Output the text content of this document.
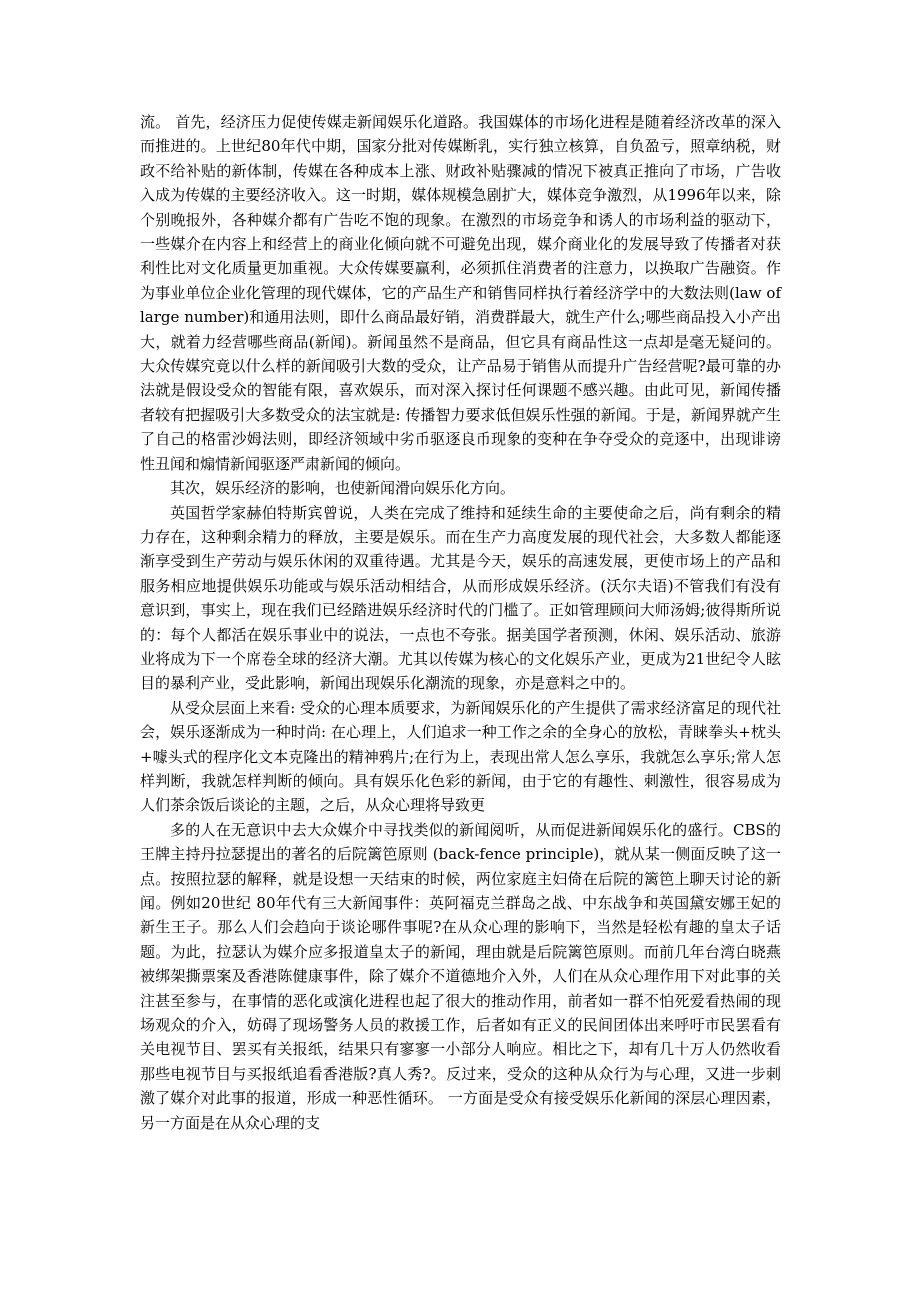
流。 首先，经济压力促使传媒走新闻娱乐化道路。我国媒体的市场化进程是随着经济改革的深入而推进的。上世纪80年代中期，国家分批对传媒断乳，实行独立核算，自负盈亏，照章纳税，财政不给补贴的新体制，传媒在各种成本上涨、财政补贴骤减的情况下被真正推向了市场，广告收入成为传媒的主要经济收入。这一时期，媒体规模急剧扩大，媒体竞争激烈，从1996年以来，除个别晚报外，各种媒介都有广告吃不饱的现象。在激烈的市场竞争和诱人的市场利益的驱动下，一些媒介在内容上和经营上的商业化倾向就不可避免出现，媒介商业化的发展导致了传播者对获利性比对文化质量更加重视。大众传媒要赢利，必须抓住消费者的注意力，以换取广告融资。作为事业单位企业化管理的现代媒体，它的产品生产和销售同样执行着经济学中的大数法则(law of large number)和通用法则，即什么商品最好销，消费群最大，就生产什么;哪些商品投入小产出大，就着力经营哪些商品(新闻)。新闻虽然不是商品，但它具有商品性这一点却是毫无疑问的。大众传媒究竟以什么样的新闻吸引大数的受众，让产品易于销售从而提升广告经营呢?最可靠的办法就是假设受众的智能有限，喜欢娱乐，而对深入探讨任何课题不感兴趣。由此可见，新闻传播者较有把握吸引大多数受众的法宝就是: 传播智力要求低但娱乐性强的新闻。于是，新闻界就产生了自己的格雷沙姆法则，即经济领域中劣币驱逐良币现象的变种在争夺受众的竞逐中，出现诽谤性丑闻和煽情新闻驱逐严肃新闻的倾向。

其次，娱乐经济的影响，也使新闻滑向娱乐化方向。

英国哲学家赫伯特斯宾曾说，人类在完成了维持和延续生命的主要使命之后，尚有剩余的精力存在，这种剩余精力的释放，主要是娱乐。而在生产力高度发展的现代社会，大多数人都能逐渐享受到生产劳动与娱乐休闲的双重待遇。尤其是今天，娱乐的高速发展，更使市场上的产品和服务相应地提供娱乐功能或与娱乐活动相结合，从而形成娱乐经济。(沃尔夫语)不管我们有没有意识到，事实上，现在我们已经踏进娱乐经济时代的门槛了。正如管理顾问大师汤姆;彼得斯所说的：每个人都活在娱乐事业中的说法，一点也不夸张。据美国学者预测，休闲、娱乐活动、旅游业将成为下一个席卷全球的经济大潮。尤其以传媒为核心的文化娱乐产业，更成为21世纪令人眩目的暴利产业，受此影响，新闻出现娱乐化潮流的现象，亦是意料之中的。

从受众层面上来看: 受众的心理本质要求，为新闻娱乐化的产生提供了需求经济富足的现代社会，娱乐逐渐成为一种时尚: 在心理上，人们追求一种工作之余的全身心的放松，青睐拳头+枕头+噱头式的程序化文本克隆出的精神鸦片;在行为上，表现出常人怎么享乐，我就怎么享乐;常人怎样判断，我就怎样判断的倾向。具有娱乐化色彩的新闻，由于它的有趣性、刺激性，很容易成为人们茶余饭后谈论的主题，之后，从众心理将导致更

多的人在无意识中去大众媒介中寻找类似的新闻阅听，从而促进新闻娱乐化的盛行。CBS的王牌主持丹拉瑟提出的著名的后院篱笆原则 (back-fence principle)，就从某一侧面反映了这一点。按照拉瑟的解释，就是设想一天结束的时候，两位家庭主妇倚在后院的篱笆上聊天讨论的新闻。例如20世纪 80年代有三大新闻事件：英阿福克兰群岛之战、中东战争和英国黛安娜王妃的新生王子。那么人们会趋向于谈论哪件事呢?在从众心理的影响下，当然是轻松有趣的皇太子话题。为此，拉瑟认为媒介应多报道皇太子的新闻，理由就是后院篱笆原则。而前几年台湾白晓燕被绑架撕票案及香港陈健康事件，除了媒介不道德地介入外，人们在从众心理作用下对此事的关注甚至参与，在事情的恶化或演化进程也起了很大的推动作用，前者如一群不怕死爱看热闹的现场观众的介入，妨碍了现场警务人员的救援工作，后者如有正义的民间团体出来呼吁市民罢看有关电视节目、罢买有关报纸，结果只有寥寥一小部分人响应。相比之下，却有几十万人仍然收看那些电视节目与买报纸追看香港版?真人秀?。反过来，受众的这种从众行为与心理，又进一步刺激了媒介对此事的报道，形成一种恶性循环。 一方面是受众有接受娱乐化新闻的深层心理因素，另一方面是在从众心理的支
